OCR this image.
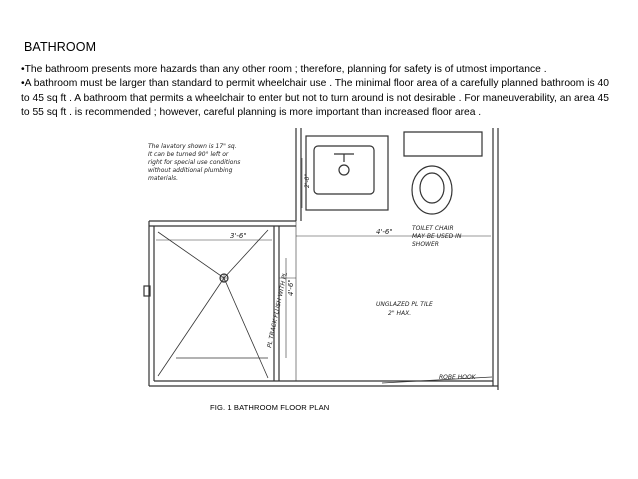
BATHROOM

•The bathroom presents more hazards than any other room ; therefore, planning for safety is of utmost importance .

•A bathroom must be larger than standard to permit wheelchair use . The minimal floor area of a carefully planned bathroom is 40 to 45 sq ft . A bathroom that permits a wheelchair to enter but not to turn around is not desirable . For maneuverability, an area 45 to 55 sq ft . is recommended ; however, careful planning is more important than increased floor area .

The lavatory shown is 17" sq.
It can be turned 90° left or
right for special use conditions
without additional plumbing
materials.
TOILET CHAIR
MAY BE USED IN
SHOWER
UNGLAZED PL TILE
2" HAX.
ROBE HOOK
3'-6"	4'-6"
4'-6"
2'-0"
PL TRACK FLUSH WITH PL
FIG. 1 BATHROOM FLOOR PLAN
